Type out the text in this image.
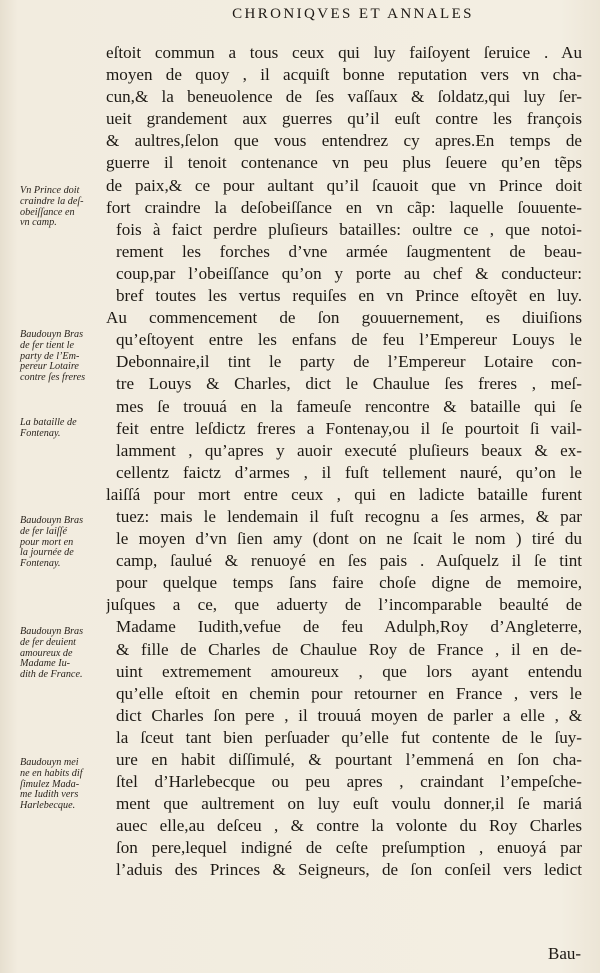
CHRONIQVES ET ANNALES
Vn Prince doit
craindre la deſ-
obeiſſance en
vn camp.
Baudouyn Bras
de fer tient le
party de l’Em-
pereur Lotaire
contre ſes freres
La bataille de
Fontenay.
Baudouyn Bras
de fer laiſſé
pour mort en
la journée de
Fontenay.
Baudouyn Bras
de fer deuient
amoureux de
Madame Iu-
dith de France.
Baudouyn mei
ne en habits dif
ſimulez Mada-
me Iudith vers
Harlebecque.
eſtoit commun a tous ceux qui luy faiſoyent ſeruice . Au
moyen de quoy , il acquiſt bonne reputation vers vn cha-
cun,& la beneuolence de ſes vaſſaux & ſoldatz,qui luy ſer-
ueit grandement aux guerres qu’il euſt contre les françois
& aultres,ſelon que vous entendrez cy apres.En temps de
guerre il tenoit contenance vn peu plus ſeuere qu’en tẽps
de paix,& ce pour aultant qu’il ſcauoit que vn Prince doit
fort craindre la deſobeiſſance en vn cãp: laquelle ſouuente-
fois à faict perdre pluſieurs batailles: oultre ce , que notoi-
rement les forches d’vne armée ſaugmentent de beau-
coup,par l’obeiſſance qu’on y porte au chef & conducteur:
bref toutes les vertus requiſes en vn Prince eſtoyẽt en luy.
Au commencement de ſon gouuernement, es diuiſions
qu’eſtoyent entre les enfans de feu l’Empereur Louys le
Debonnaire,il tint le party de l’Empereur Lotaire con-
tre Louys & Charles, dict le Chaulue ſes freres , meſ-
mes ſe trouuá en la fameuſe rencontre & bataille qui ſe
feit entre leſdictz freres a Fontenay,ou il ſe pourtoit ſi vail-
lamment , qu’apres y auoir executé pluſieurs beaux & ex-
cellentz faictz d’armes , il fuſt tellement nauré, qu’on le
laiſſá pour mort entre ceux , qui en ladicte bataille furent
tuez: mais le lendemain il fuſt recognu a ſes armes, & par
le moyen d’vn ſien amy (dont on ne ſcait le nom ) tiré du
camp, ſaulué & renuoyé en ſes pais . Auſquelz il ſe tint
pour quelque temps ſans faire choſe digne de memoire,
juſques a ce, que aduerty de l’incomparable beaulté de
Madame Iudith,vefue de feu Adulph,Roy d’Angleterre,
& fille de Charles de Chaulue Roy de France , il en de-
uint extremement amoureux , que lors ayant entendu
qu’elle eſtoit en chemin pour retourner en France , vers le
dict Charles ſon pere , il trouuá moyen de parler a elle , &
la ſceut tant bien perſuader qu’elle fut contente de le ſuy-
ure en habit diſſimulé, & pourtant l’emmená en ſon cha-
ſtel d’Harlebecque ou peu apres , craindant l’empeſche-
ment que aultrement on luy euſt voulu donner,il ſe mariá
auec elle,au deſceu , & contre la volonte du Roy Charles
ſon pere,lequel indigné de ceſte preſumption , enuoyá par
l’aduis des Princes & Seigneurs, de ſon conſeil vers ledict
Bau-
